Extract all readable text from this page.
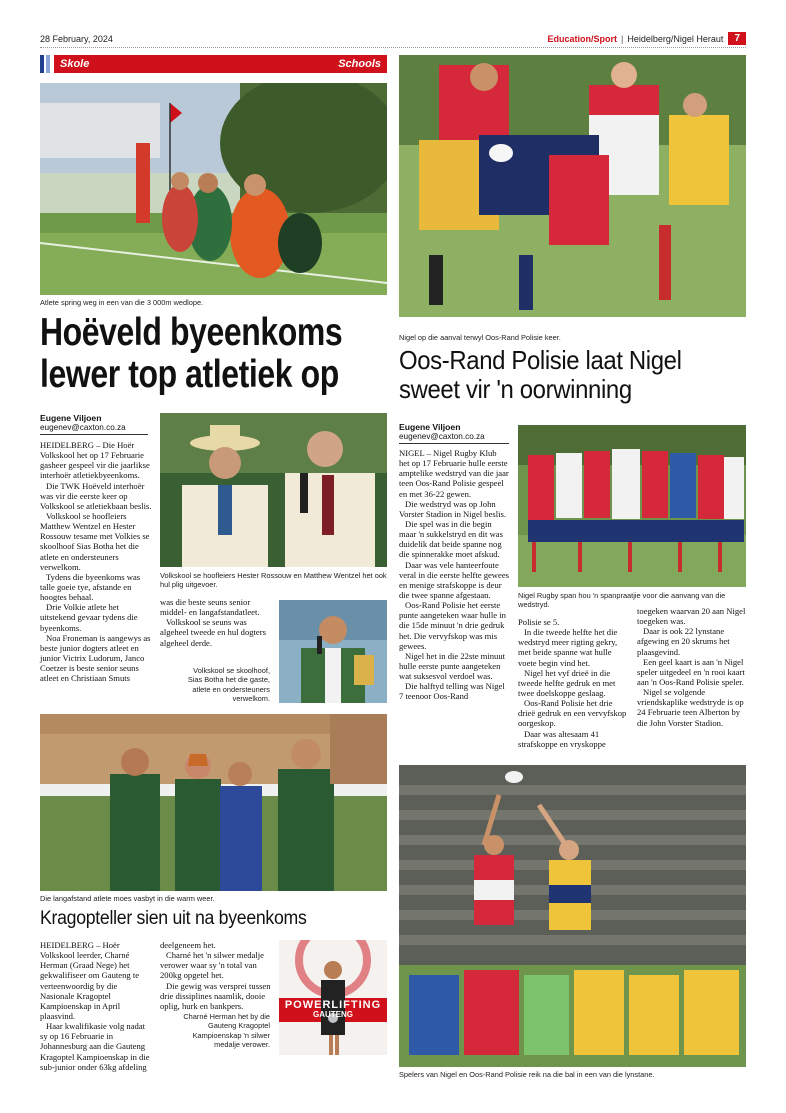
28 February, 2024	Education/Sport | Heidelberg/Nigel Heraut	7
Skole	Schools
Atlete spring weg in een van die 3 000m wedlope.
Hoëveld byeenkoms
lewer top atletiek op
Eugene Viljoen
eugenev@caxton.co.za

HEIDELBERG – Die Hoër Volkskool het op 17 Februarie gasheer gespeel vir die jaarlikse interhoër atletiekbyeenkoms.

Die TWK Hoëveld interhoër was vir die eerste keer op Volkskool se atletiekbaan beslis.

Volkskool se hoofleiers Matthew Wentzel en Hester Rossouw tesame met Volkies se skoolhoof Sias Botha het die atlete en ondersteuners verwelkom.

Tydens die byeenkoms was talle goeie tye, afstande en hoogtes behaal.

Drie Volkie atlete het uitstekend gevaar tydens die byeenkoms.

Noa Froneman is aangewys as beste junior dogters atleet en junior Victrix Ludorum, Janco Coetzer is beste senior seuns atleet en Christiaan Smuts

Volkskool se hoofleiers Hester Rossouw en Matthew Wentzel het ook hul plig uitgevoer.

was die beste seuns senior middel- en langafstandatleet.

Volkskool se seuns was algeheel tweede en hul dogters algeheel derde.

Volkskool se skoolhoof, Sias Botha het die gaste, atlete en ondersteuners verwelkom.
Die langafstand atlete moes vasbyt in die warm weer.
Kragopteller sien uit na byeenkoms

HEIDELBERG – Hoër Volkskool leerder, Charné Herman (Graad Nege) het gekwalifiseer om Gauteng te verteenwoordig by die Nasionale Kragoptel Kampioenskap in April plaasvind.

Haar kwalifikasie volg nadat sy op 16 Februarie in Johannesburg aan die Gauteng Kragoptel Kampioenskap in die sub-junior onder 63kg afdeling

deelgeneem het.

Charné het 'n silwer medalje verower waar sy 'n total van 200kg opgetel het.

Die gewig was versprei tussen drie dissiplines naamlik, dooie oplig, hurk en bankpers.	POWERLIFTING
GAUTENG
Charné Herman het by die Gauteng Kragoptel Kampioenskap 'n silwer medalje verower.
Nigel op die aanval terwyl Oos-Rand Polisie keer.
Oos-Rand Polisie laat Nigel
sweet vir 'n oorwinning
Eugene Viljoen
eugenev@caxton.co.za

NIGEL – Nigel Rugby Klub het op 17 Februarie hulle eerste amptelike wedstryd van die jaar teen Oos-Rand Polisie gespeel en met 36-22 gewen.

Die wedstryd was op John Vorster Stadion in Nigel beslis.

Die spel was in die begin maar 'n sukkelstryd en dit was duidelik dat beide spanne nog die spinnerakke moet afskud.

Daar was vele hanteerfoute veral in die eerste helfte gewees en menige strafskoppe is deur die twee spanne afgestaan.

Oos-Rand Polisie het eerste punte aangeteken waar hulle in die 15de minuut 'n drie gedruk het. Die vervyfskop was mis gewees.

Nigel het in die 22ste minuut hulle eerste punte aangeteken wat suksesvol verdoel was.

Die halftyd telling was Nigel 7 teenoor Oos-Rand

Nigel Rugby span hou 'n spanpraatjie voor die aanvang van die wedstryd.

Polisie se 5.

In die tweede helfte het die wedstryd meer rigting gekry, met beide spanne wat hulle voete begin vind het.

Nigel het vyf drieë in die tweede helfte gedruk en met twee doelskoppe geslaag.

Oos-Rand Polisie het drie drieë gedruk en een vervyfskop oorgeskop.

Daar was altesaam 41 strafskoppe en vryskoppe

toegeken waarvan 20 aan Nigel toegeken was.

Daar is ook 22 lynstane afgewing en 20 skrums het plaasgevind.

Een geel kaart is aan 'n Nigel speler uitgedeel en 'n rooi kaart aan 'n Oos-Rand Polisie speler.

Nigel se volgende vriendskaplike wedstryde is op 24 Februarie teen Alberton by die John Vorster Stadion.

Spelers van Nigel en Oos-Rand Polisie reik na die bal in een van die lynstane.
